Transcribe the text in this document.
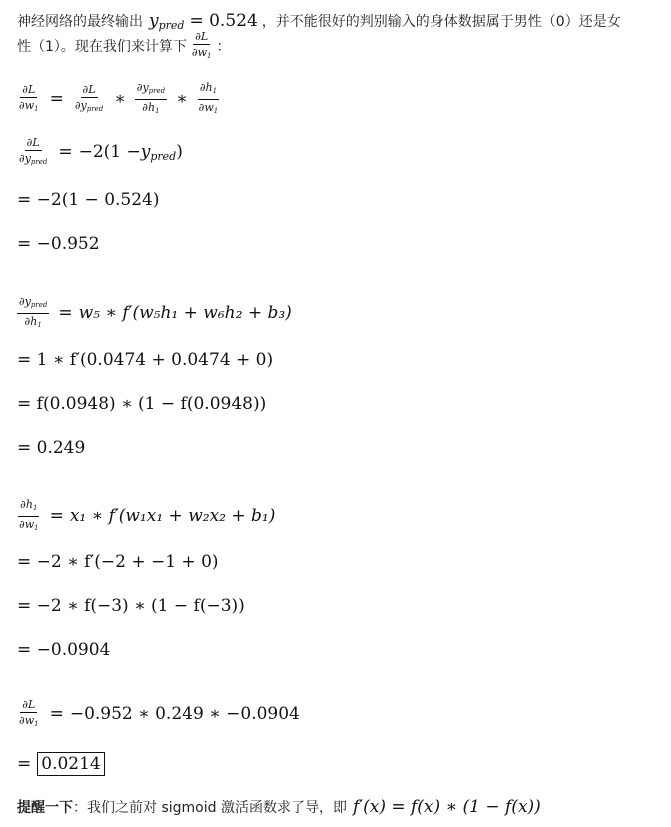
神经网络的最终输出 $y_{pred} = 0.524$ ，并不能很好的判别输入的身体数据属于男性（0）还是女
性（1）。现在我们来计算下 $\frac{\partial L}{\partial w1}$ ：
$\frac{\partial L}{\partial w1} = \frac{\partial L}{\text{∂ypred}}$ ∗ $\frac{\text{∂ypred}}{\partial h1}$ ∗ $\frac{\partial h1}{\partial w1}$
$\frac{\partial L}{\text{∂ypred}} = -2(1 - y_{pred}$ )
= −2(1 − 0.524)
= −0.952
$\frac{\text{∂ypred}}{\partial h1} = w_5$ ∗ f′(w₅h₁ + w₆h₂ + b₃)
= 1 ∗ f′(0.0474 + 0.0474 + 0)
= f(0.0948) ∗ (1 − f(0.0948))
= 0.249
$\frac{\partial h1}{\partial w1} = x_1$ ∗ f′(w₁x₁ + w₂x₂ + b₁)
= −2 ∗ f′(−2 + −1 + 0)
= −2 ∗ f(−3) ∗ (1 − f(−3))
= −0.0904
$\frac{\partial L}{\partial w1} = -0.952$ ∗ 0.249 ∗ −0.0904
= 0.0214
提醒一下 ： 我们之前对 sigmoid 激活函数求了导，即 f′(x) = f(x) ∗ (1 − f(x))
